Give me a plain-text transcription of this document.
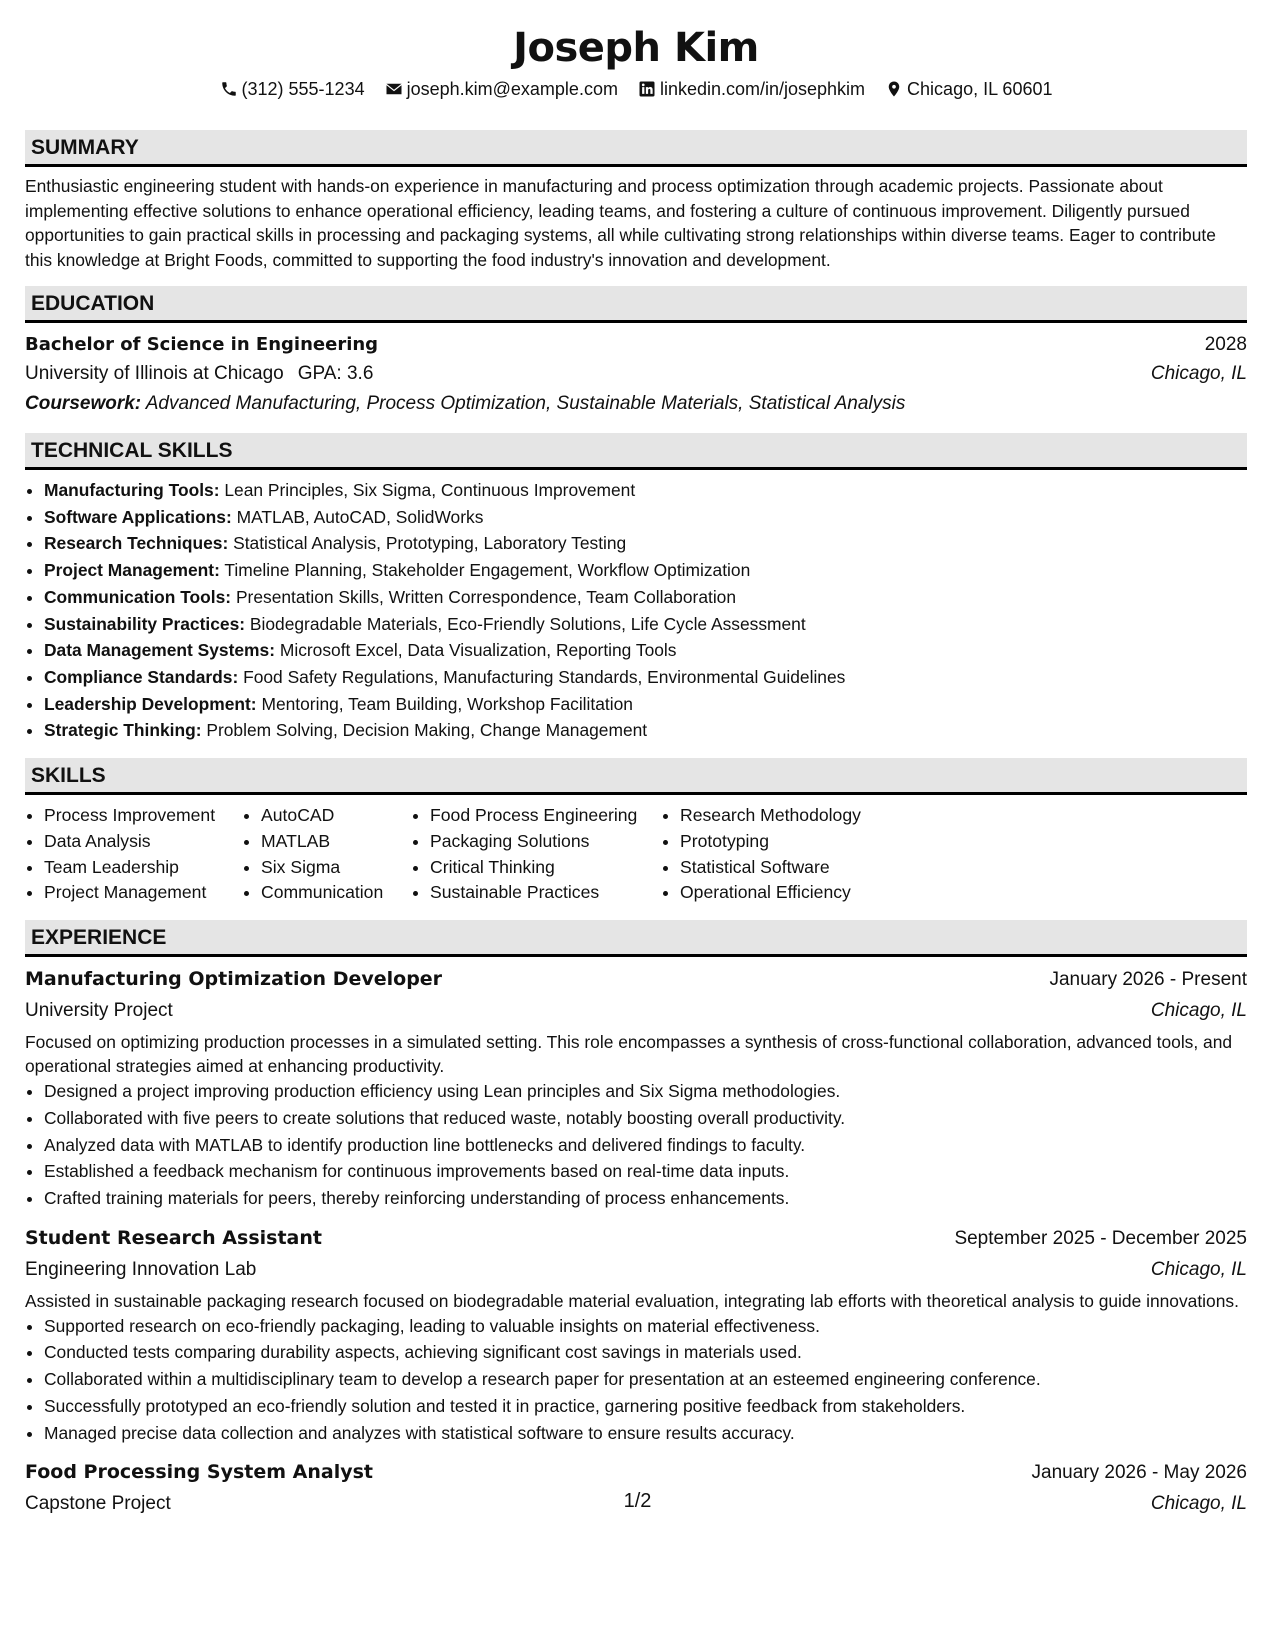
Joseph Kim
(312) 555-1234 joseph.kim@example.com linkedin.com/in/josephkim Chicago, IL 60601
SUMMARY
Enthusiastic engineering student with hands-on experience in manufacturing and process optimization through academic projects. Passionate about implementing effective solutions to enhance operational efficiency, leading teams, and fostering a culture of continuous improvement. Diligently pursued opportunities to gain practical skills in processing and packaging systems, all while cultivating strong relationships within diverse teams. Eager to contribute this knowledge at Bright Foods, committed to supporting the food industry's innovation and development.
EDUCATION
Bachelor of Science in Engineering	2028
University of Illinois at Chicago GPA: 3.6	Chicago, IL
Coursework: Advanced Manufacturing, Process Optimization, Sustainable Materials, Statistical Analysis
TECHNICAL SKILLS
• Manufacturing Tools: Lean Principles, Six Sigma, Continuous Improvement
• Software Applications: MATLAB, AutoCAD, SolidWorks
• Research Techniques: Statistical Analysis, Prototyping, Laboratory Testing
• Project Management: Timeline Planning, Stakeholder Engagement, Workflow Optimization
• Communication Tools: Presentation Skills, Written Correspondence, Team Collaboration
• Sustainability Practices: Biodegradable Materials, Eco-Friendly Solutions, Life Cycle Assessment
• Data Management Systems: Microsoft Excel, Data Visualization, Reporting Tools
• Compliance Standards: Food Safety Regulations, Manufacturing Standards, Environmental Guidelines
• Leadership Development: Mentoring, Team Building, Workshop Facilitation
• Strategic Thinking: Problem Solving, Decision Making, Change Management
SKILLS
• Process Improvement
• Data Analysis
• Team Leadership
• Project Management
• AutoCAD
• MATLAB
• Six Sigma
• Communication
• Food Process Engineering
• Packaging Solutions
• Critical Thinking
• Sustainable Practices
• Research Methodology
• Prototyping
• Statistical Software
• Operational Efficiency
EXPERIENCE
Manufacturing Optimization Developer	January 2026 - Present
University Project	Chicago, IL
Focused on optimizing production processes in a simulated setting. This role encompasses a synthesis of cross-functional collaboration, advanced tools, and operational strategies aimed at enhancing productivity.
• Designed a project improving production efficiency using Lean principles and Six Sigma methodologies.
• Collaborated with five peers to create solutions that reduced waste, notably boosting overall productivity.
• Analyzed data with MATLAB to identify production line bottlenecks and delivered findings to faculty.
• Established a feedback mechanism for continuous improvements based on real-time data inputs.
• Crafted training materials for peers, thereby reinforcing understanding of process enhancements.
Student Research Assistant	September 2025 - December 2025
Engineering Innovation Lab	Chicago, IL
Assisted in sustainable packaging research focused on biodegradable material evaluation, integrating lab efforts with theoretical analysis to guide innovations.
• Supported research on eco-friendly packaging, leading to valuable insights on material effectiveness.
• Conducted tests comparing durability aspects, achieving significant cost savings in materials used.
• Collaborated within a multidisciplinary team to develop a research paper for presentation at an esteemed engineering conference.
• Successfully prototyped an eco-friendly solution and tested it in practice, garnering positive feedback from stakeholders.
• Managed precise data collection and analyzes with statistical software to ensure results accuracy.
Food Processing System Analyst	January 2026 - May 2026
Capstone Project	Chicago, IL
1/2
